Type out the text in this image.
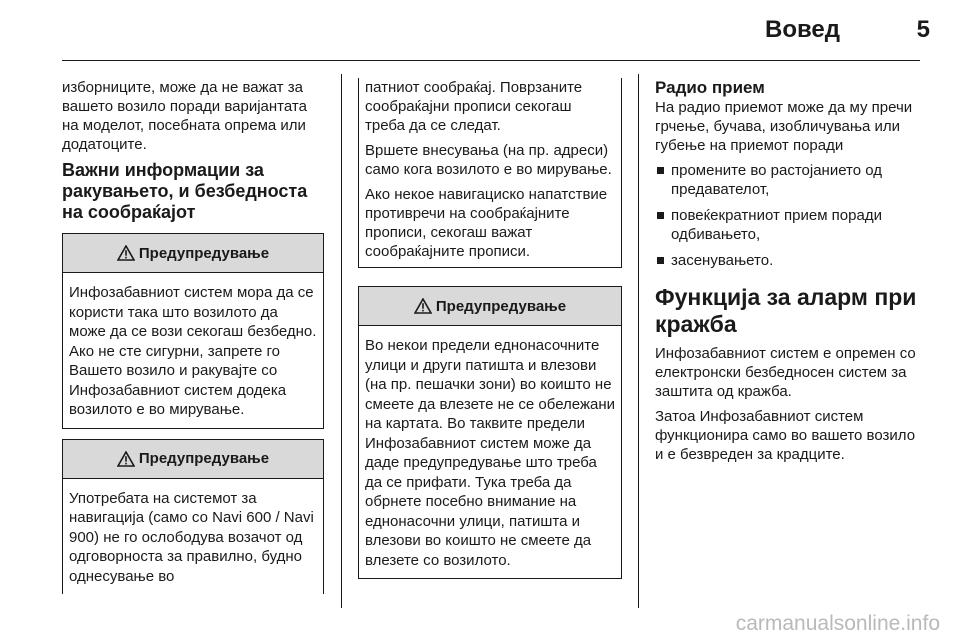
Вовед	5

изборниците, може да не важат за вашето возило поради варијантата на моделот, посебната опрема или додатоците.

Важни информации за ракувањето, и безбедноста на сообраќајот
Предупредување

Инфозабавниот систем мора да се користи така што возилото да може да се вози секогаш безбедно. Ако не сте сигурни, запрете го Вашето возило и ракувајте со Инфозабавниот систем додека возилото е во мирување.

Предупредување

Употребата на системот за навигација (само со Navi 600 / Navi 900) не го ослободува возачот од одговорноста за правилно, будно однесување во

патниот сообраќај. Поврзаните сообраќајни прописи секогаш треба да се следат.

Вршете внесувања (на пр. адреси) само кога возилото е во мирување.

Ако некое навигациско напатствие противречи на сообраќајните прописи, секогаш важат сообраќајните прописи.

Предупредување

Во некои предели еднонасочните улици и други патишта и влезови (на пр. пешачки зони) во коишто не смеете да влезете не се обележани на картата. Во таквите предели Инфозабавниот систем може да даде предупредување што треба да се прифати. Тука треба да обрнете посебно внимание на еднонасочни улици, патишта и влезови во коишто не смеете да влезете со возилото.

Радио прием

На радио приемот може да му пречи грчење, бучава, изобличувања или губење на приемот поради

промените во растојанието од предавателот,
повеќекратниот прием поради одбивањето,
засенувањето.
Функција за аларм при кражба

Инфозабавниот систем е опремен со електронски безбедносен систем за заштита од кражба.

Затоа Инфозабавниот систем функционира само во вашето возило и е безвреден за крадците.

carmanualsonline.info
